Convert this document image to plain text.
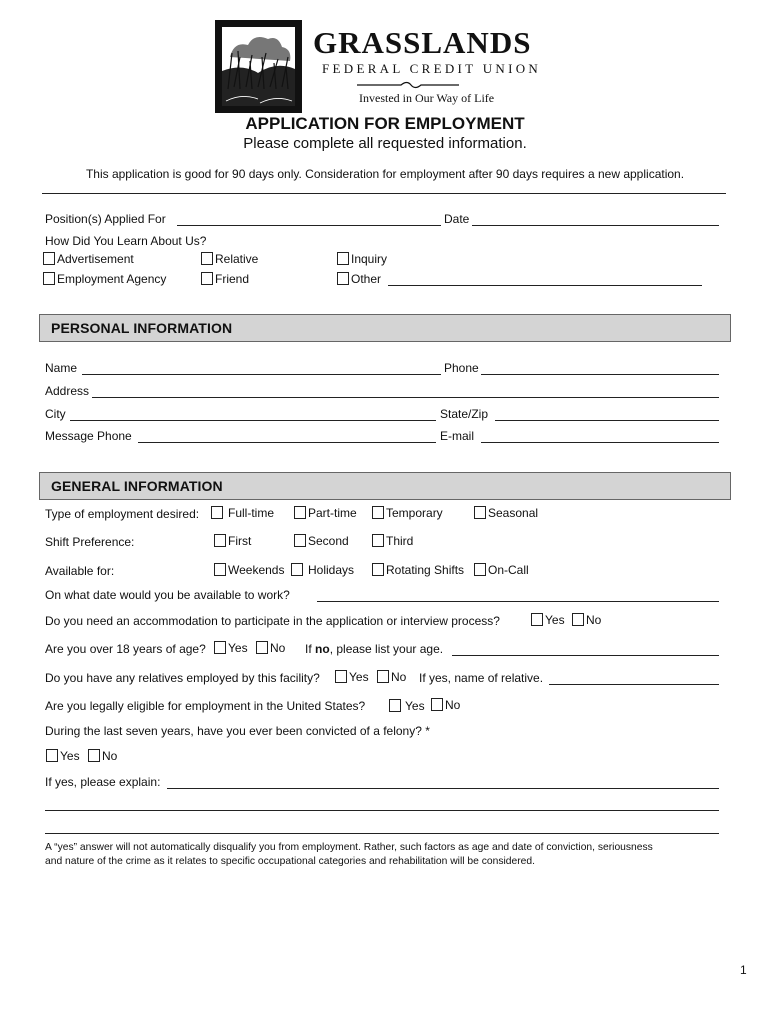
GRASSLANDS
FEDERAL CREDIT UNION
Invested in Our Way of Life
APPLICATION FOR EMPLOYMENT
Please complete all requested information.
This application is good for 90 days only. Consideration for employment after 90 days requires a new application.
Position(s) Applied For	Date
How Did You Learn About Us?
Advertisement	Relative	Inquiry
Employment Agency	Friend	Other
PERSONAL INFORMATION
Name	Phone
Address
City	State/Zip
Message Phone	E-mail
GENERAL INFORMATION
Type of employment desired:	Full-time	Part-time	Temporary	Seasonal
Shift Preference:	First	Second	Third
Available for:	Weekends	Holidays	Rotating Shifts	On-Call
On what date would you be available to work?
Do you need an accommodation to participate in the application or interview process?	Yes	No
Are you over 18 years of age?	Yes	No If no, please list your age.
Do you have any relatives employed by this facility?	Yes	No If yes, name of relative.
Are you legally eligible for employment in the United States?	Yes	No
During the last seven years, have you ever been convicted of a felony? *
Yes	No
If yes, please explain:
A “yes” answer will not automatically disqualify you from employment. Rather, such factors as age and date of conviction, seriousness
and nature of the crime as it relates to specific occupational categories and rehabilitation will be considered.
1
